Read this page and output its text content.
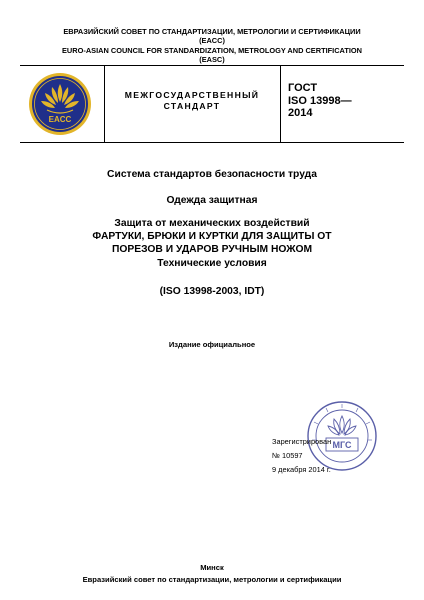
ЕВРАЗИЙСКИЙ СОВЕТ ПО СТАНДАРТИЗАЦИИ, МЕТРОЛОГИИ И СЕРТИФИКАЦИИ
(EACC)
EURO-ASIAN COUNCIL FOR STANDARDIZATION, METROLOGY AND CERTIFICATION
(EASC)
EACC
МЕЖГОСУДАРСТВЕННЫЙ
СТАНДАРТ
ГОСТ
ISO 13998—
2014
Система стандартов безопасности труда
Одежда защитная
Защита от механических воздействий
ФАРТУКИ, БРЮКИ И КУРТКИ ДЛЯ ЗАЩИТЫ ОТ
ПОРЕЗОВ И УДАРОВ РУЧНЫМ НОЖОМ
Технические условия
(ISO 13998-2003, IDT)
Издание официальное
МГС
Зарегистрирован
№ 10597
9 декабря 2014 г.
Минск
Евразийский совет по стандартизации, метрологии и сертификации
